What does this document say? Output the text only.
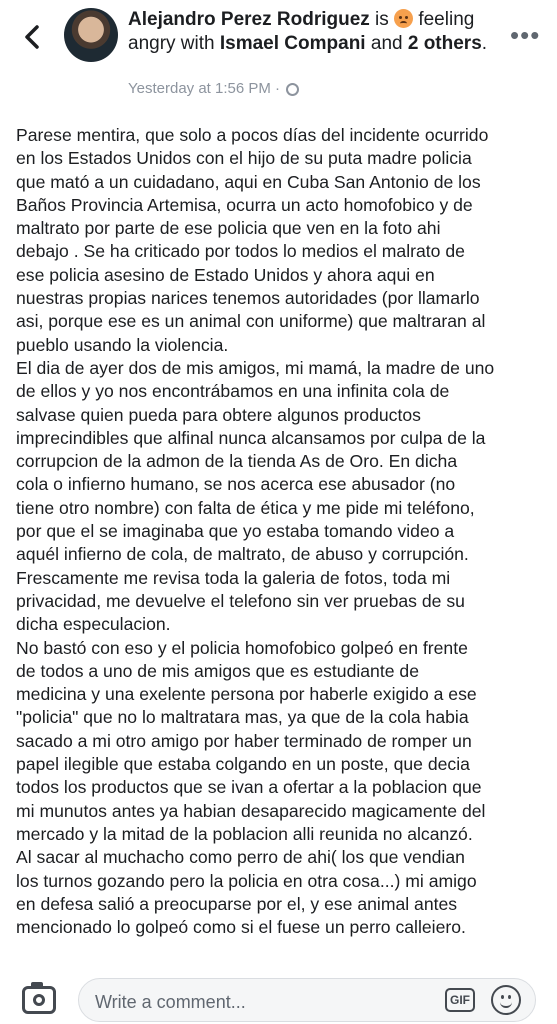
Alejandro Perez Rodriguez is
feeling angry with Ismael Compani and 2 others.
Yesterday at 1:56 PM ·
•••

Parese mentira, que solo a pocos días del incidente ocurrido

en los Estados Unidos con el hijo de su puta madre policia

que mató a un cuidadano, aqui en Cuba San Antonio de los

Baños Provincia Artemisa, ocurra un acto homofobico y de

maltrato por parte de ese policia que ven en la foto ahi

debajo . Se ha criticado por todos lo medios el malrato de

ese policia asesino de Estado Unidos y ahora aqui en

nuestras propias narices tenemos autoridades (por llamarlo

asi, porque ese es un animal con uniforme) que maltraran al

pueblo usando la violencia.

El dia de ayer dos de mis amigos, mi mamá, la madre de uno

de ellos y yo nos encontrábamos en una infinita cola de

salvase quien pueda para obtere algunos productos

imprecindibles que alfinal nunca alcansamos por culpa de la

corrupcion de la admon de la tienda As de Oro. En dicha

cola o infierno humano, se nos acerca ese abusador (no

tiene otro nombre) con falta de ética y me pide mi teléfono,

por que el se imaginaba que yo estaba tomando video a

aquél infierno de cola, de maltrato, de abuso y corrupción.

Frescamente me revisa toda la galeria de fotos, toda mi

privacidad, me devuelve el telefono sin ver pruebas de su

dicha especulacion.

No bastó con eso y el policia homofobico golpeó en frente

de todos a uno de mis amigos que es estudiante de

medicina y una exelente persona por haberle exigido a ese

"policia" que no lo maltratara mas, ya que de la cola habia

sacado a mi otro amigo por haber terminado de romper un

papel ilegible que estaba colgando en un poste, que decia

todos los productos que se ivan a ofertar a la poblacion que

mi munutos antes ya habian desaparecido magicamente del

mercado y la mitad de la poblacion alli reunida no alcanzó.

Al sacar al muchacho como perro de ahi( los que vendian

los turnos gozando pero la policia en otra cosa...) mi amigo

en defesa salió a preocuparse por el, y ese animal antes

mencionado lo golpeó como si el fuese un perro calleiero.

Write a comment...
GIF
